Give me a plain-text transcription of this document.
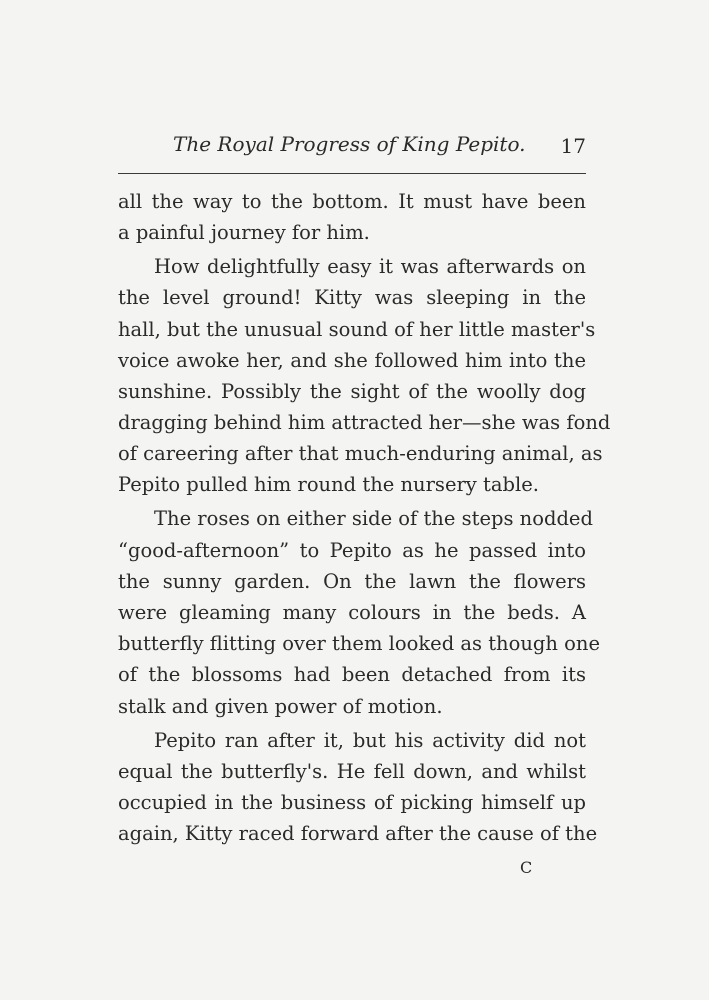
The Royal Progress of King Pepito. 17
all the way to the bottom. It must have been
a painful journey for him.
How delightfully easy it was afterwards on
the level ground! Kitty was sleeping in the
hall, but the unusual sound of her little master's
voice awoke her, and she followed him into the
sunshine. Possibly the sight of the woolly dog
dragging behind him attracted her—she was fond
of careering after that much-enduring animal, as
Pepito pulled him round the nursery table.
The roses on either side of the steps nodded
“good-afternoon” to Pepito as he passed into
the sunny garden. On the lawn the flowers
were gleaming many colours in the beds. A
butterfly flitting over them looked as though one
of the blossoms had been detached from its
stalk and given power of motion.
Pepito ran after it, but his activity did not
equal the butterfly's. He fell down, and whilst
occupied in the business of picking himself up
again, Kitty raced forward after the cause of the
C
